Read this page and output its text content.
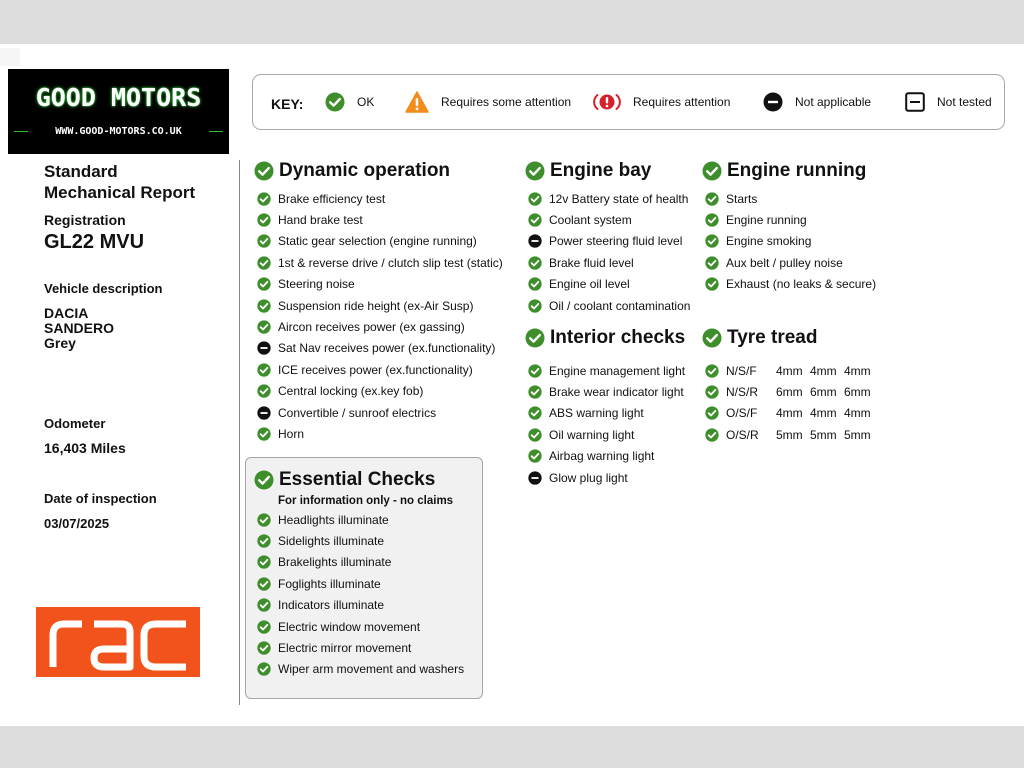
GOOD MOTORS
WWW.GOOD-MOTORS.CO.UK
KEY:	OK	Requires some attention	Requires attention	Not applicable	Not tested
Standard
Mechanical Report
Registration
GL22 MVU
Vehicle description
DACIA
SANDERO
Grey
Odometer
16,403 Miles
Date of inspection
03/07/2025
Dynamic operation
Brake efficiency test
Hand brake test
Static gear selection (engine running)
1st & reverse drive / clutch slip test (static)
Steering noise
Suspension ride height (ex-Air Susp)
Aircon receives power (ex gassing)
Sat Nav receives power (ex.functionality)
ICE receives power (ex.functionality)
Central locking (ex.key fob)
Convertible / sunroof electrics
Horn
Essential Checks
For information only - no claims
Headlights illuminate
Sidelights illuminate
Brakelights illuminate
Foglights illuminate
Indicators illuminate
Electric window movement
Electric mirror movement
Wiper arm movement and washers
Engine bay
12v Battery state of health
Coolant system
Power steering fluid level
Brake fluid level
Engine oil level
Oil / coolant contamination
Interior checks
Engine management light
Brake wear indicator light
ABS warning light
Oil warning light
Airbag warning light
Glow plug light
Engine running
Starts
Engine running
Engine smoking
Aux belt / pulley noise
Exhaust (no leaks & secure)
Tyre tread
N/S/F	4mm 4mm 4mm
N/S/R	6mm 6mm 6mm
O/S/F	4mm 4mm 4mm
O/S/R	5mm 5mm 5mm
